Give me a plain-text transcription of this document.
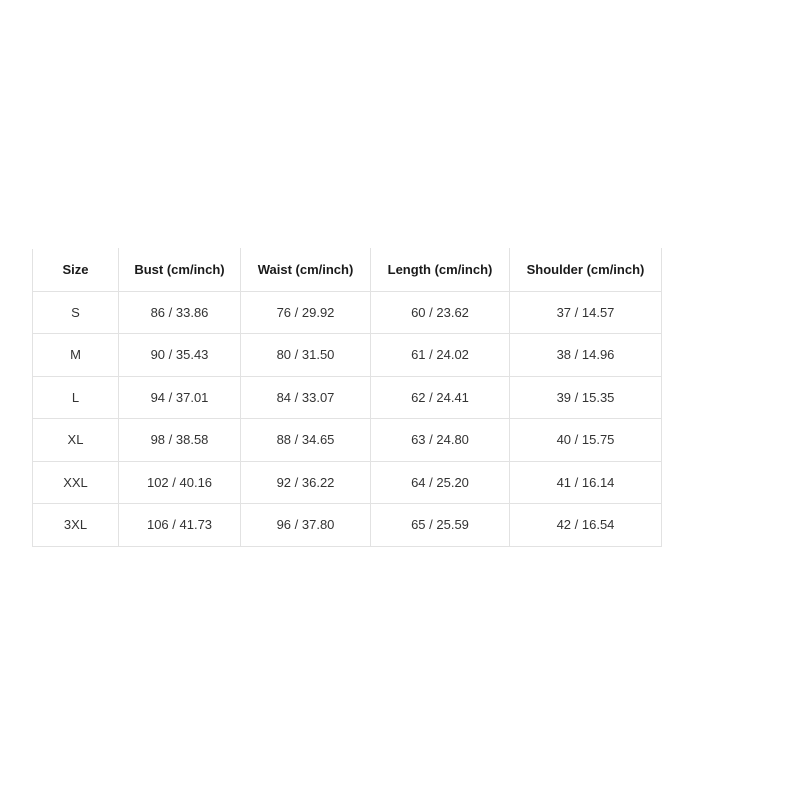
Size	Bust (cm/inch)	Waist (cm/inch)	Length (cm/inch)	Shoulder (cm/inch)
S	86 / 33.86	76 / 29.92	60 / 23.62	37 / 14.57
M	90 / 35.43	80 / 31.50	61 / 24.02	38 / 14.96
L	94 / 37.01	84 / 33.07	62 / 24.41	39 / 15.35
XL	98 / 38.58	88 / 34.65	63 / 24.80	40 / 15.75
XXL	102 / 40.16	92 / 36.22	64 / 25.20	41 / 16.14
3XL	106 / 41.73	96 / 37.80	65 / 25.59	42 / 16.54
